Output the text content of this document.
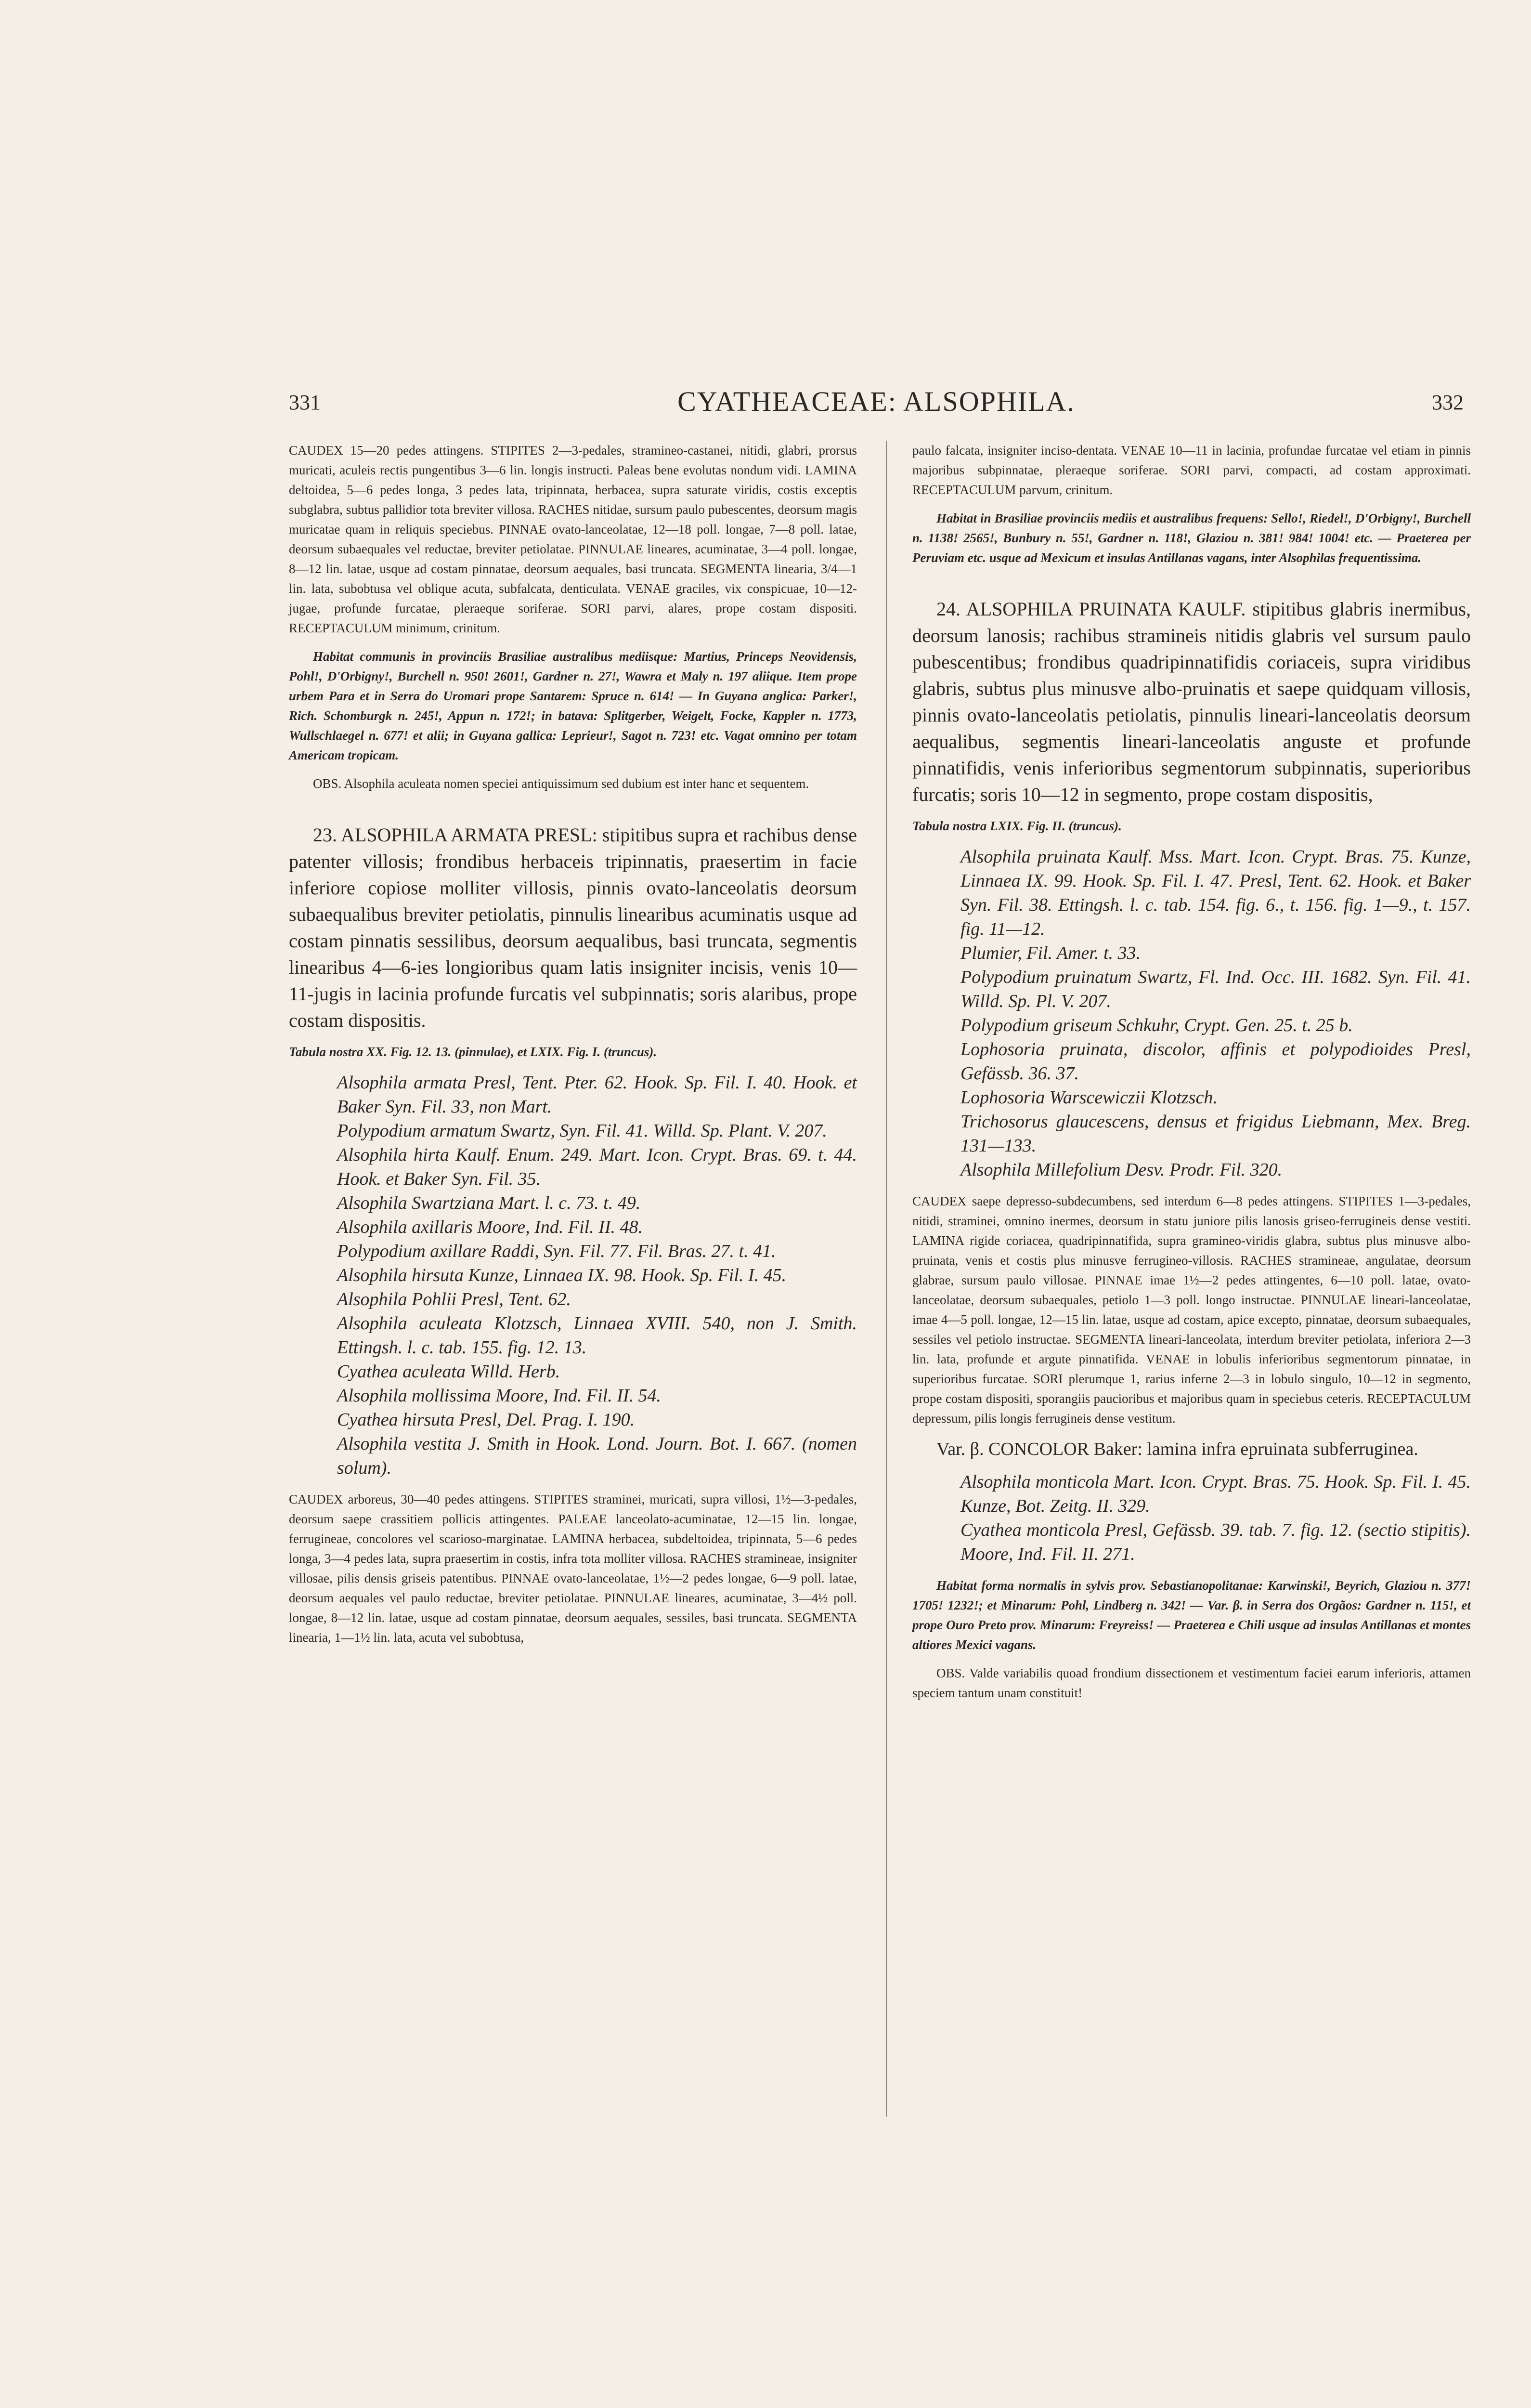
331	CYATHEACEAE: ALSOPHILA.	332

CAUDEX 15—20 pedes attingens. STIPITES 2—3-pedales, stramineo-castanei, nitidi, glabri, prorsus muricati, aculeis rectis pungentibus 3—6 lin. longis instructi. Paleas bene evolutas nondum vidi. LAMINA deltoidea, 5—6 pedes longa, 3 pedes lata, tripinnata, herbacea, supra saturate viridis, costis exceptis subglabra, subtus pallidior tota breviter villosa. RACHES nitidae, sursum paulo pubescentes, deorsum magis muricatae quam in reliquis speciebus. PINNAE ovato-lanceolatae, 12—18 poll. longae, 7—8 poll. latae, deorsum subaequales vel reductae, breviter petiolatae. PINNULAE lineares, acuminatae, 3—4 poll. longae, 8—12 lin. latae, usque ad costam pinnatae, deorsum aequales, basi truncata. SEGMENTA linearia, 3/4—1 lin. lata, subobtusa vel oblique acuta, subfalcata, denticulata. VENAE graciles, vix conspicuae, 10—12-jugae, profunde furcatae, pleraeque soriferae. SORI parvi, alares, prope costam dispositi. RECEPTACULUM minimum, crinitum.

Habitat communis in provinciis Brasiliae australibus mediisque: Martius, Princeps Neovidensis, Pohl!, D'Orbigny!, Burchell n. 950! 2601!, Gardner n. 27!, Wawra et Maly n. 197 aliique. Item prope urbem Para et in Serra do Uromari prope Santarem: Spruce n. 614! — In Guyana anglica: Parker!, Rich. Schomburgk n. 245!, Appun n. 172!; in batava: Splitgerber, Weigelt, Focke, Kappler n. 1773, Wullschlaegel n. 677! et alii; in Guyana gallica: Leprieur!, Sagot n. 723! etc. Vagat omnino per totam Americam tropicam.

OBS. Alsophila aculeata nomen speciei antiquissimum sed dubium est inter hanc et sequentem.

23. ALSOPHILA ARMATA PRESL: stipitibus supra et rachibus dense patenter villosis; frondibus herbaceis tripinnatis, praesertim in facie inferiore copiose molliter villosis, pinnis ovato-lanceolatis deorsum subaequalibus breviter petiolatis, pinnulis linearibus acuminatis usque ad costam pinnatis sessilibus, deorsum aequalibus, basi truncata, segmentis linearibus 4—6-ies longioribus quam latis insigniter incisis, venis 10—11-jugis in lacinia profunde furcatis vel subpinnatis; soris alaribus, prope costam dispositis.

Tabula nostra XX. Fig. 12. 13. (pinnulae), et LXIX. Fig. I. (truncus).

Alsophila armata Presl, Tent. Pter. 62. Hook. Sp. Fil. I. 40. Hook. et Baker Syn. Fil. 33, non Mart.

Polypodium armatum Swartz, Syn. Fil. 41. Willd. Sp. Plant. V. 207.

Alsophila hirta Kaulf. Enum. 249. Mart. Icon. Crypt. Bras. 69. t. 44. Hook. et Baker Syn. Fil. 35.

Alsophila Swartziana Mart. l. c. 73. t. 49.

Alsophila axillaris Moore, Ind. Fil. II. 48.

Polypodium axillare Raddi, Syn. Fil. 77. Fil. Bras. 27. t. 41.

Alsophila hirsuta Kunze, Linnaea IX. 98. Hook. Sp. Fil. I. 45.

Alsophila Pohlii Presl, Tent. 62.

Alsophila aculeata Klotzsch, Linnaea XVIII. 540, non J. Smith. Ettingsh. l. c. tab. 155. fig. 12. 13.

Cyathea aculeata Willd. Herb.

Alsophila mollissima Moore, Ind. Fil. II. 54.

Cyathea hirsuta Presl, Del. Prag. I. 190.

Alsophila vestita J. Smith in Hook. Lond. Journ. Bot. I. 667. (nomen solum).

CAUDEX arboreus, 30—40 pedes attingens. STIPITES straminei, muricati, supra villosi, 1½—3-pedales, deorsum saepe crassitiem pollicis attingentes. PALEAE lanceolato-acuminatae, 12—15 lin. longae, ferrugineae, concolores vel scarioso-marginatae. LAMINA herbacea, subdeltoidea, tripinnata, 5—6 pedes longa, 3—4 pedes lata, supra praesertim in costis, infra tota molliter villosa. RACHES stramineae, insigniter villosae, pilis densis griseis patentibus. PINNAE ovato-lanceolatae, 1½—2 pedes longae, 6—9 poll. latae, deorsum aequales vel paulo reductae, breviter petiolatae. PINNULAE lineares, acuminatae, 3—4½ poll. longae, 8—12 lin. latae, usque ad costam pinnatae, deorsum aequales, sessiles, basi truncata. SEGMENTA linearia, 1—1½ lin. lata, acuta vel subobtusa,

paulo falcata, insigniter inciso-dentata. VENAE 10—11 in lacinia, profundae furcatae vel etiam in pinnis majoribus subpinnatae, pleraeque soriferae. SORI parvi, compacti, ad costam approximati. RECEPTACULUM parvum, crinitum.

Habitat in Brasiliae provinciis mediis et australibus frequens: Sello!, Riedel!, D'Orbigny!, Burchell n. 1138! 2565!, Bunbury n. 55!, Gardner n. 118!, Glaziou n. 381! 984! 1004! etc. — Praeterea per Peruviam etc. usque ad Mexicum et insulas Antillanas vagans, inter Alsophilas frequentissima.

24. ALSOPHILA PRUINATA KAULF. stipitibus glabris inermibus, deorsum lanosis; rachibus stramineis nitidis glabris vel sursum paulo pubescentibus; frondibus quadripinnatifidis coriaceis, supra viridibus glabris, subtus plus minusve albo-pruinatis et saepe quidquam villosis, pinnis ovato-lanceolatis petiolatis, pinnulis lineari-lanceolatis deorsum aequalibus, segmentis lineari-lanceolatis anguste et profunde pinnatifidis, venis inferioribus segmentorum subpinnatis, superioribus furcatis; soris 10—12 in segmento, prope costam dispositis,

Tabula nostra LXIX. Fig. II. (truncus).

Alsophila pruinata Kaulf. Mss. Mart. Icon. Crypt. Bras. 75. Kunze, Linnaea IX. 99. Hook. Sp. Fil. I. 47. Presl, Tent. 62. Hook. et Baker Syn. Fil. 38. Ettingsh. l. c. tab. 154. fig. 6., t. 156. fig. 1—9., t. 157. fig. 11—12.

Plumier, Fil. Amer. t. 33.

Polypodium pruinatum Swartz, Fl. Ind. Occ. III. 1682. Syn. Fil. 41. Willd. Sp. Pl. V. 207.

Polypodium griseum Schkuhr, Crypt. Gen. 25. t. 25 b.

Lophosoria pruinata, discolor, affinis et polypodioides Presl, Gefässb. 36. 37.

Lophosoria Warscewiczii Klotzsch.

Trichosorus glaucescens, densus et frigidus Liebmann, Mex. Breg. 131—133.

Alsophila Millefolium Desv. Prodr. Fil. 320.

CAUDEX saepe depresso-subdecumbens, sed interdum 6—8 pedes attingens. STIPITES 1—3-pedales, nitidi, straminei, omnino inermes, deorsum in statu juniore pilis lanosis griseo-ferrugineis dense vestiti. LAMINA rigide coriacea, quadripinnatifida, supra gramineo-viridis glabra, subtus plus minusve albo-pruinata, venis et costis plus minusve ferrugineo-villosis. RACHES stramineae, angulatae, deorsum glabrae, sursum paulo villosae. PINNAE imae 1½—2 pedes attingentes, 6—10 poll. latae, ovato-lanceolatae, deorsum subaequales, petiolo 1—3 poll. longo instructae. PINNULAE lineari-lanceolatae, imae 4—5 poll. longae, 12—15 lin. latae, usque ad costam, apice excepto, pinnatae, deorsum subaequales, sessiles vel petiolo instructae. SEGMENTA lineari-lanceolata, interdum breviter petiolata, inferiora 2—3 lin. lata, profunde et argute pinnatifida. VENAE in lobulis inferioribus segmentorum pinnatae, in superioribus furcatae. SORI plerumque 1, rarius inferne 2—3 in lobulo singulo, 10—12 in segmento, prope costam dispositi, sporangiis paucioribus et majoribus quam in speciebus ceteris. RECEPTACULUM depressum, pilis longis ferrugineis dense vestitum.

Var. β. CONCOLOR Baker: lamina infra epruinata subferruginea.

Alsophila monticola Mart. Icon. Crypt. Bras. 75. Hook. Sp. Fil. I. 45. Kunze, Bot. Zeitg. II. 329.

Cyathea monticola Presl, Gefässb. 39. tab. 7. fig. 12. (sectio stipitis). Moore, Ind. Fil. II. 271.

Habitat forma normalis in sylvis prov. Sebastianopolitanae: Karwinski!, Beyrich, Glaziou n. 377! 1705! 1232!; et Minarum: Pohl, Lindberg n. 342! — Var. β. in Serra dos Orgãos: Gardner n. 115!, et prope Ouro Preto prov. Minarum: Freyreiss! — Praeterea e Chili usque ad insulas Antillanas et montes altiores Mexici vagans.

OBS. Valde variabilis quoad frondium dissectionem et vestimentum faciei earum inferioris, attamen speciem tantum unam constituit!
